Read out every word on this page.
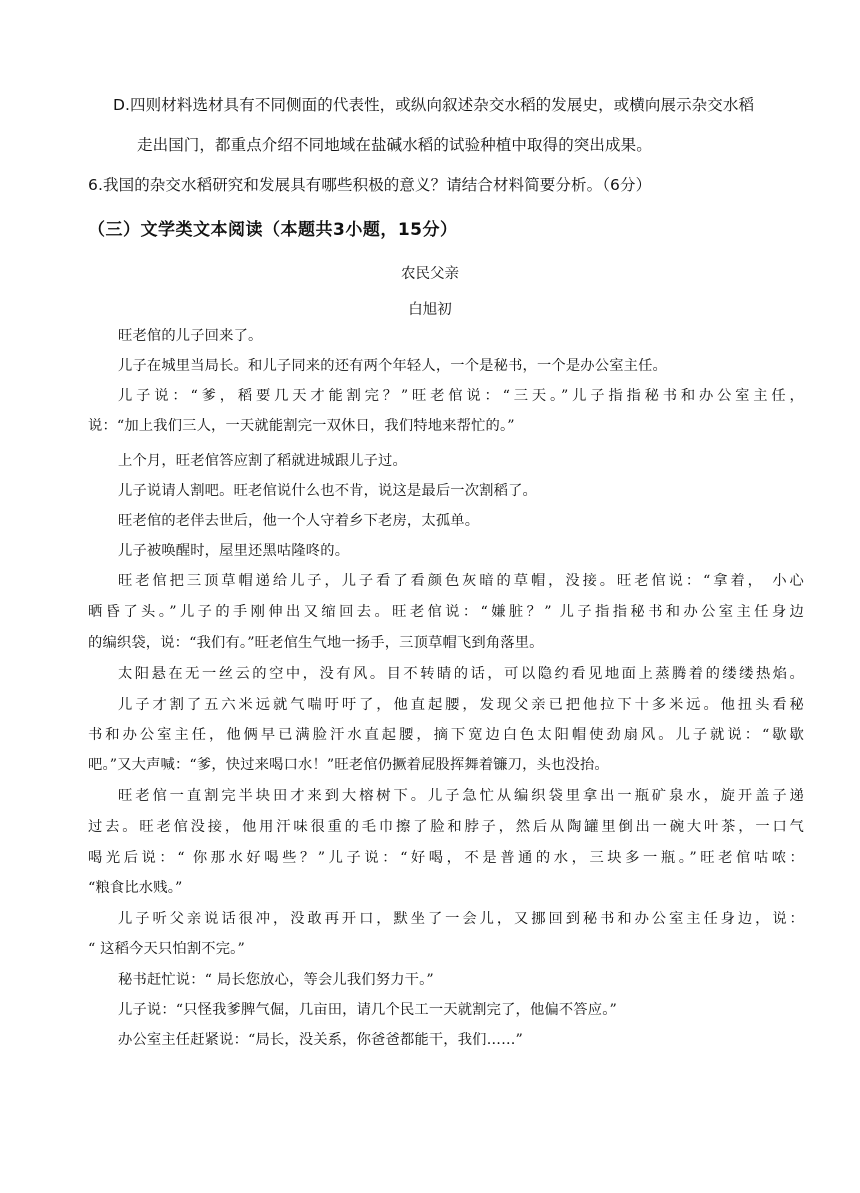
D.四则材料选材具有不同侧面的代表性，或纵向叙述杂交水稻的发展史，或横向展示杂交水稻

走出国门，都重点介绍不同地域在盐碱水稻的试验种植中取得的突出成果。

6.我国的杂交水稻研究和发展具有哪些积极的意义？请结合材料简要分析。（6分）

（三）文学类文本阅读（本题共3小题，15分）

农民父亲

白旭初

旺老倌的儿子回来了。

儿子在城里当局长。和儿子同来的还有两个年轻人，一个是秘书，一个是办公室主任。

儿子说：“爹，稻要几天才能割完？”旺老倌说：“三天。”儿子指指秘书和办公室主任，

说：“加上我们三人，一天就能割完一双休日，我们特地来帮忙的。”

上个月，旺老倌答应割了稻就进城跟儿子过。

儿子说请人割吧。旺老倌说什么也不肯，说这是最后一次割稻了。

旺老倌的老伴去世后，他一个人守着乡下老房，太孤单。

儿子被唤醒时，屋里还黑咕隆咚的。

旺老倌把三顶草帽递给儿子，儿子看了看颜色灰暗的草帽，没接。旺老倌说：“拿着， 小心

晒昏了头。”儿子的手刚伸出又缩回去。旺老倌说：“嫌脏？” 儿子指指秘书和办公室主任身边

的编织袋，说：“我们有。”旺老倌生气地一扬手，三顶草帽飞到角落里。

太阳悬在无一丝云的空中，没有风。目不转睛的话，可以隐约看见地面上蒸腾着的缕缕热焰。

儿子才割了五六米远就气喘吁吁了，他直起腰，发现父亲已把他拉下十多米远。他扭头看秘

书和办公室主任，他俩早已满脸汗水直起腰，摘下宽边白色太阳帽使劲扇风。儿子就说：“歇歇

吧。”又大声喊：“爹，快过来喝口水！”旺老倌仍撅着屁股挥舞着镰刀，头也没抬。

旺老倌一直割完半块田才来到大榕树下。儿子急忙从编织袋里拿出一瓶矿泉水，旋开盖子递

过去。旺老倌没接，他用汗味很重的毛巾擦了脸和脖子，然后从陶罐里倒出一碗大叶茶，一口气

喝光后说：“ 你那水好喝些？”儿子说：“好喝，不是普通的水，三块多一瓶。”旺老倌咕哝：

“粮食比水贱。”

儿子听父亲说话很冲，没敢再开口，默坐了一会儿，又挪回到秘书和办公室主任身边，说：

“ 这稻今天只怕割不完。”

秘书赶忙说：“ 局长您放心，等会儿我们努力干。”

儿子说：“只怪我爹脾气倔，几亩田，请几个民工一天就割完了，他偏不答应。”

办公室主任赶紧说：“局长，没关系，你爸爸都能干，我们……”
